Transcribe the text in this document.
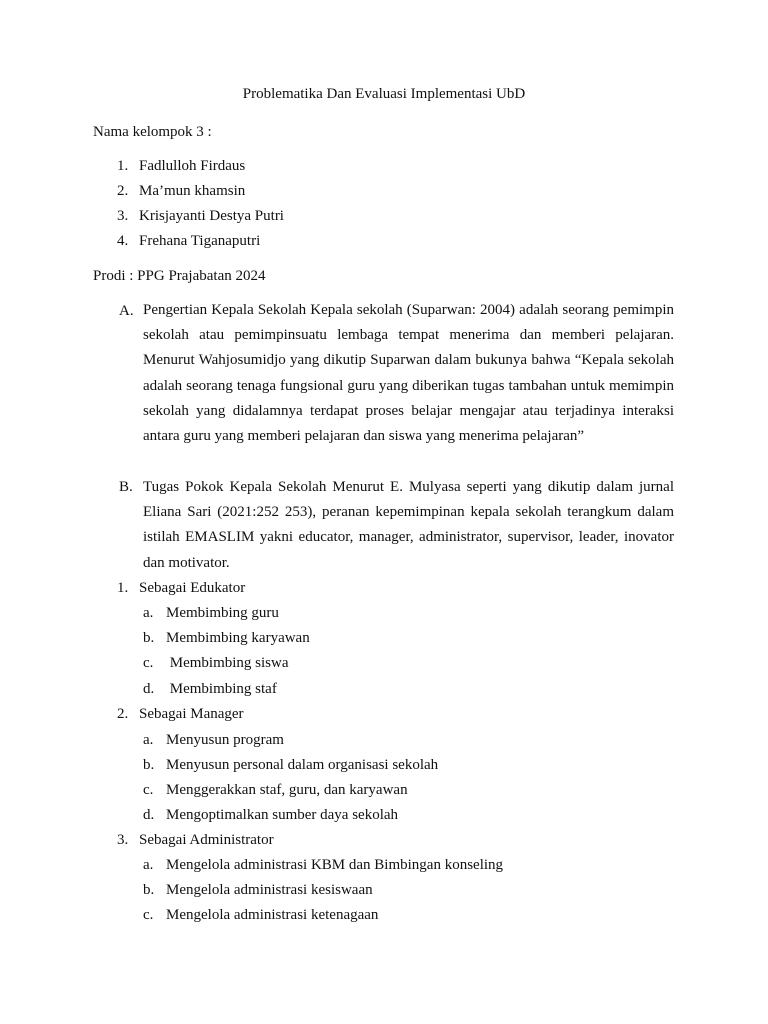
Problematika Dan Evaluasi Implementasi UbD
Nama kelompok 3 :
1. Fadlulloh Firdaus
2. Ma’mun khamsin
3. Krisjayanti Destya Putri
4. Frehana Tiganaputri
Prodi : PPG Prajabatan 2024
A. Pengertian Kepala Sekolah Kepala sekolah (Suparwan: 2004) adalah seorang pemimpin sekolah atau pemimpinsuatu lembaga tempat menerima dan memberi pelajaran. Menurut Wahjosumidjo yang dikutip Suparwan dalam bukunya bahwa “Kepala sekolah adalah seorang tenaga fungsional guru yang diberikan tugas tambahan untuk memimpin sekolah yang didalamnya terdapat proses belajar mengajar atau terjadinya interaksi antara guru yang memberi pelajaran dan siswa yang menerima pelajaran”
B. Tugas Pokok Kepala Sekolah Menurut E. Mulyasa seperti yang dikutip dalam jurnal Eliana Sari (2021:252 253), peranan kepemimpinan kepala sekolah terangkum dalam istilah EMASLIM yakni educator, manager, administrator, supervisor, leader, inovator dan motivator.
1. Sebagai Edukator
a. Membimbing guru
b. Membimbing karyawan
c. Membimbing siswa
d. Membimbing staf
2. Sebagai Manager
a. Menyusun program
b. Menyusun personal dalam organisasi sekolah
c. Menggerakkan staf, guru, dan karyawan
d. Mengoptimalkan sumber daya sekolah
3. Sebagai Administrator
a. Mengelola administrasi KBM dan Bimbingan konseling
b. Mengelola administrasi kesiswaan
c. Mengelola administrasi ketenagaan
